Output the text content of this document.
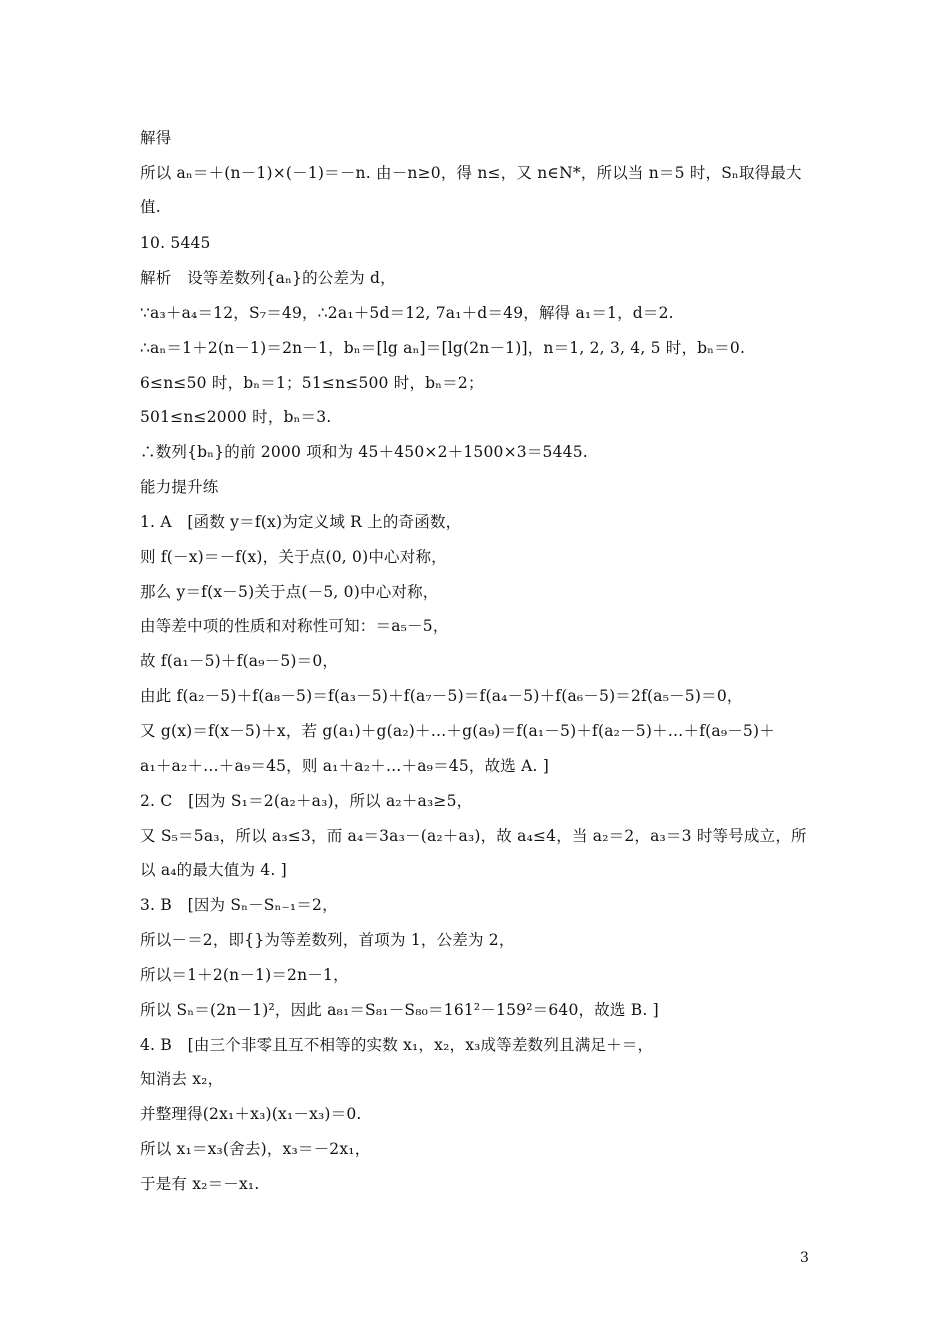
解得
所以 aₙ＝＋(n－1)×(－1)＝－n. 由－n≥0，得 n≤，又 n∈N*，所以当 n＝5 时，Sₙ取得最大
值.
10. 5445
解析　设等差数列{aₙ}的公差为 d，
∵a₃＋a₄＝12，S₇＝49，∴2a₁＋5d＝12, 7a₁＋d＝49，解得 a₁＝1，d＝2.
∴aₙ＝1＋2(n－1)＝2n－1，bₙ＝[lg aₙ]＝[lg(2n－1)]，n＝1, 2, 3, 4, 5 时，bₙ＝0.
6≤n≤50 时，bₙ＝1；51≤n≤500 时，bₙ＝2；
501≤n≤2000 时，bₙ＝3.
∴数列{bₙ}的前 2000 项和为 45＋450×2＋1500×3＝5445.
能力提升练
1. A　[函数 y＝f(x)为定义域 R 上的奇函数，
则 f(－x)＝－f(x)，关于点(0, 0)中心对称，
那么 y＝f(x－5)关于点(－5, 0)中心对称，
由等差中项的性质和对称性可知：＝a₅－5，
故 f(a₁－5)＋f(a₉－5)＝0，
由此 f(a₂－5)＋f(a₈－5)＝f(a₃－5)＋f(a₇－5)＝f(a₄－5)＋f(a₆－5)＝2f(a₅－5)＝0，
又 g(x)＝f(x－5)＋x，若 g(a₁)＋g(a₂)＋…＋g(a₉)＝f(a₁－5)＋f(a₂－5)＋…＋f(a₉－5)＋
a₁＋a₂＋…＋a₉＝45，则 a₁＋a₂＋…＋a₉＝45，故选 A. ]
2. C　[因为 S₁＝2(a₂＋a₃)，所以 a₂＋a₃≥5，
又 S₅＝5a₃，所以 a₃≤3，而 a₄＝3a₃－(a₂＋a₃)，故 a₄≤4，当 a₂＝2，a₃＝3 时等号成立，所
以 a₄的最大值为 4. ]
3. B　[因为 Sₙ－Sₙ₋₁＝2，
所以－＝2，即{}为等差数列，首项为 1，公差为 2，
所以＝1＋2(n－1)＝2n－1，
所以 Sₙ＝(2n－1)²，因此 a₈₁＝S₈₁－S₈₀＝161²－159²＝640，故选 B. ]
4. B　[由三个非零且互不相等的实数 x₁，x₂，x₃成等差数列且满足＋＝，
知消去 x₂，
并整理得(2x₁＋x₃)(x₁－x₃)＝0.
所以 x₁＝x₃(舍去)，x₃＝－2x₁，
于是有 x₂＝－x₁.
3
